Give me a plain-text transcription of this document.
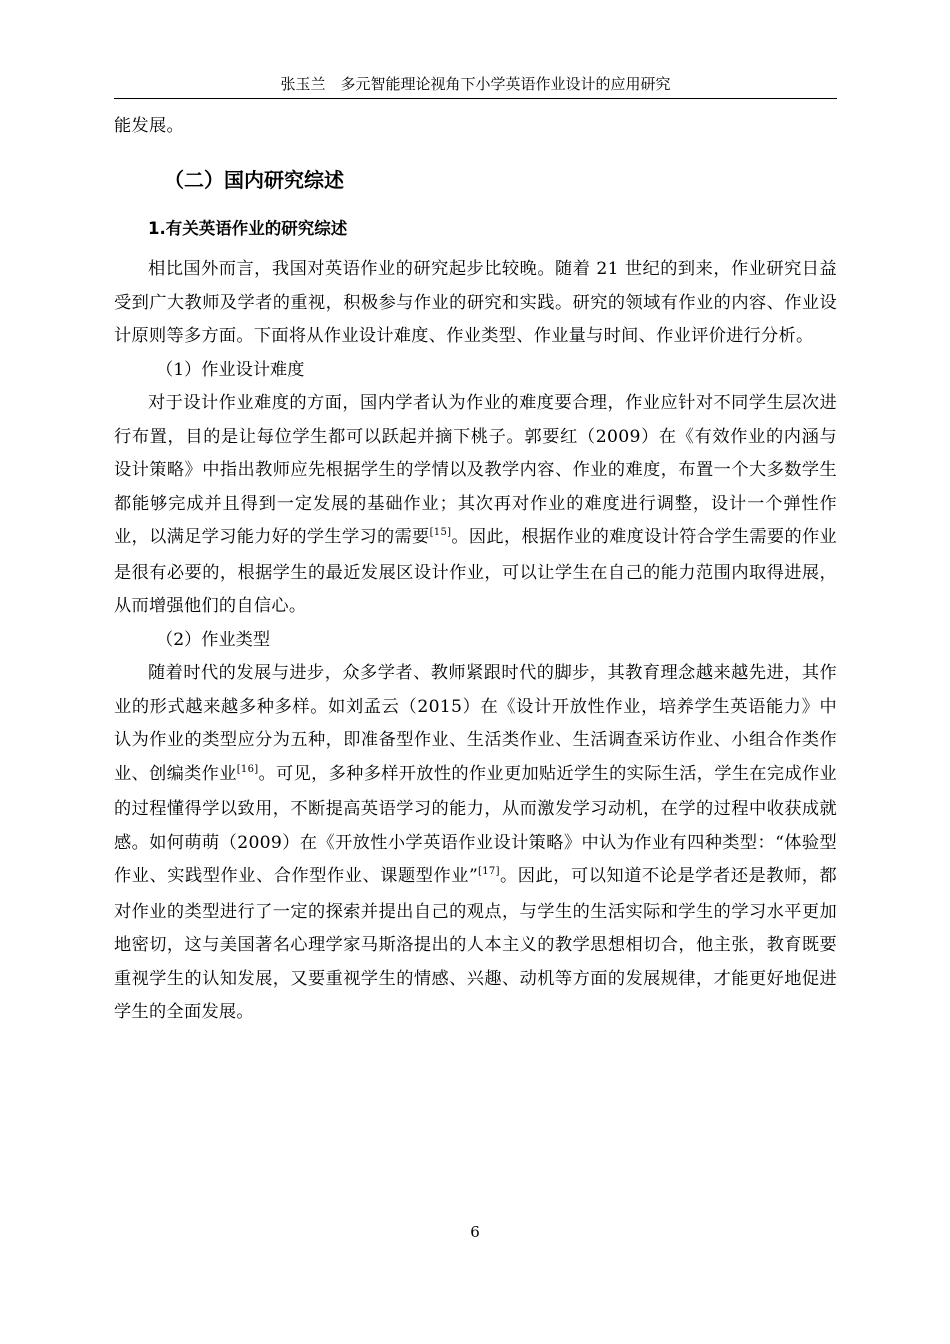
张玉兰　多元智能理论视角下小学英语作业设计的应用研究

能发展。

（二）国内研究综述
1.有关英语作业的研究综述

相比国外而言，我国对英语作业的研究起步比较晚。随着 21 世纪的到来，作业研究日益受到广大教师及学者的重视，积极参与作业的研究和实践。研究的领域有作业的内容、作业设计原则等多方面。下面将从作业设计难度、作业类型、作业量与时间、作业评价进行分析。

（1）作业设计难度

对于设计作业难度的方面，国内学者认为作业的难度要合理，作业应针对不同学生层次进行布置，目的是让每位学生都可以跃起并摘下桃子。郭要红（2009）在《有效作业的内涵与设计策略》中指出教师应先根据学生的学情以及教学内容、作业的难度，布置一个大多数学生都能够完成并且得到一定发展的基础作业；其次再对作业的难度进行调整，设计一个弹性作业，以满足学习能力好的学生学习的需要[15]。因此，根据作业的难度设计符合学生需要的作业是很有必要的，根据学生的最近发展区设计作业，可以让学生在自己的能力范围内取得进展，从而增强他们的自信心。

（2）作业类型

随着时代的发展与进步，众多学者、教师紧跟时代的脚步，其教育理念越来越先进，其作业的形式越来越多种多样。如刘孟云（2015）在《设计开放性作业，培养学生英语能力》中认为作业的类型应分为五种，即准备型作业、生活类作业、生活调查采访作业、小组合作类作业、创编类作业[16]。可见，多种多样开放性的作业更加贴近学生的实际生活，学生在完成作业的过程懂得学以致用，不断提高英语学习的能力，从而激发学习动机，在学的过程中收获成就感。如何萌萌（2009）在《开放性小学英语作业设计策略》中认为作业有四种类型：“体验型作业、实践型作业、合作型作业、课题型作业”[17]。因此，可以知道不论是学者还是教师，都对作业的类型进行了一定的探索并提出自己的观点，与学生的生活实际和学生的学习水平更加地密切，这与美国著名心理学家马斯洛提出的人本主义的教学思想相切合，他主张，教育既要重视学生的认知发展，又要重视学生的情感、兴趣、动机等方面的发展规律，才能更好地促进学生的全面发展。

6
